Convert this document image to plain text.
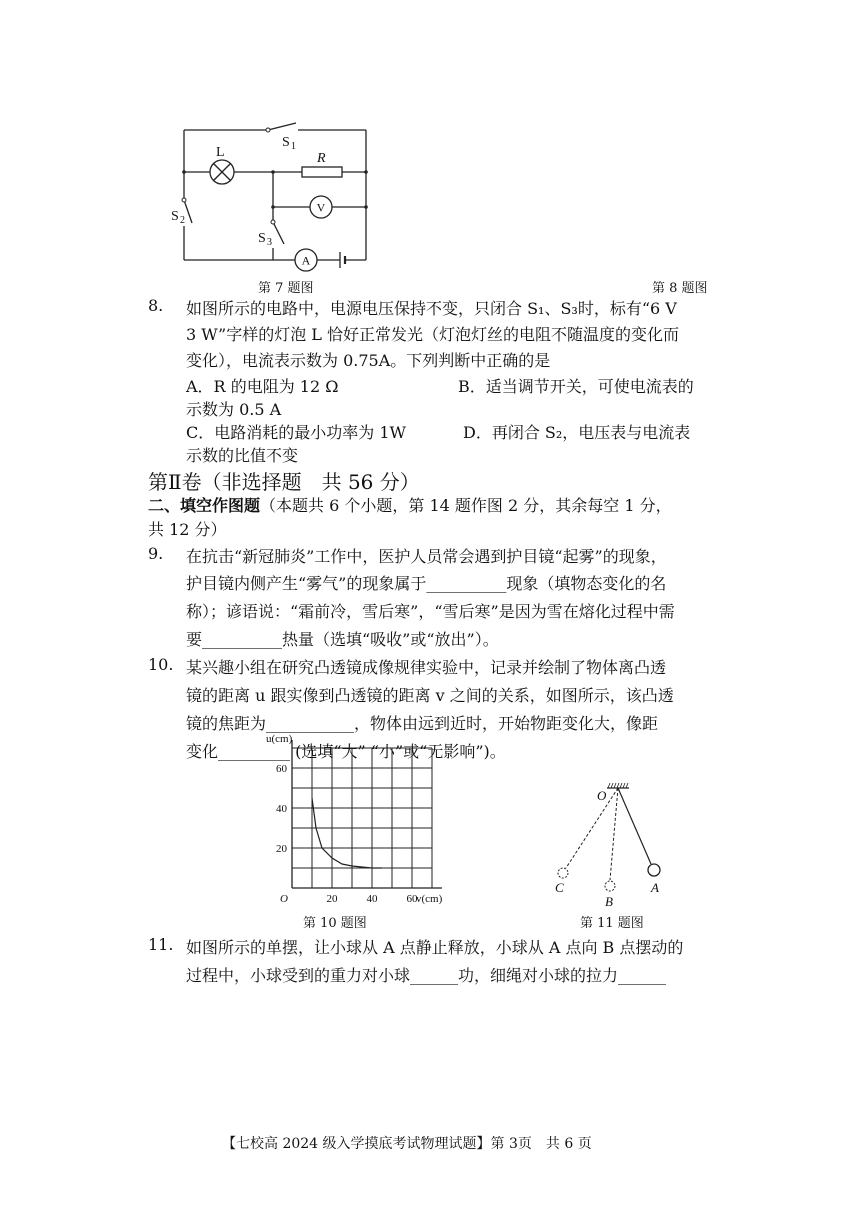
S 1
L	R
S 2
S 3
V
A
第 7 题图	第 8 题图
8. 如图所示的电路中，电源电压保持不变，只闭合 S₁、S₃时，标有“6 V
3 W”字样的灯泡 L 恰好正常发光（灯泡灯丝的电阻不随温度的变化而
变化），电流表示数为 0.75A。下列判断中正确的是
A．R 的电阻为 12 Ω	B．适当调节开关，可使电流表的
示数为 0.5 A
C．电路消耗的最小功率为 1W	D．再闭合 S₂，电压表与电流表
示数的比值不变
第Ⅱ卷（非选择题　共 56 分）
二、填空作图题（本题共 6 个小题，第 14 题作图 2 分，其余每空 1 分，
共 12 分）
9. 在抗击“新冠肺炎”工作中，医护人员常会遇到护目镜“起雾”的现象，
护目镜内侧产生“雾气”的现象属于__________现象（填物态变化的名
称）；谚语说：“霜前冷，雪后寒”，“雪后寒”是因为雪在熔化过程中需
要__________热量（选填“吸收”或“放出”）。
10. 某兴趣小组在研究凸透镜成像规律实验中，记录并绘制了物体离凸透
镜的距离 u 跟实像到凸透镜的距离 v 之间的关系，如图所示，该凸透
镜的焦距为___________，物体由远到近时，开始物距变化大，像距
变化_________ (选填“大” “小”或“无影响”)。
20	40	60
20
40
60
O	v(cm)
u(cm)
第 10 题图
O
C
B
A
第 11 题图
11. 如图所示的单摆，让小球从 A 点静止释放，小球从 A 点向 B 点摆动的
过程中，小球受到的重力对小球______功，细绳对小球的拉力______
【七校高 2024 级入学摸底考试物理试题】第 3页　共 6 页
